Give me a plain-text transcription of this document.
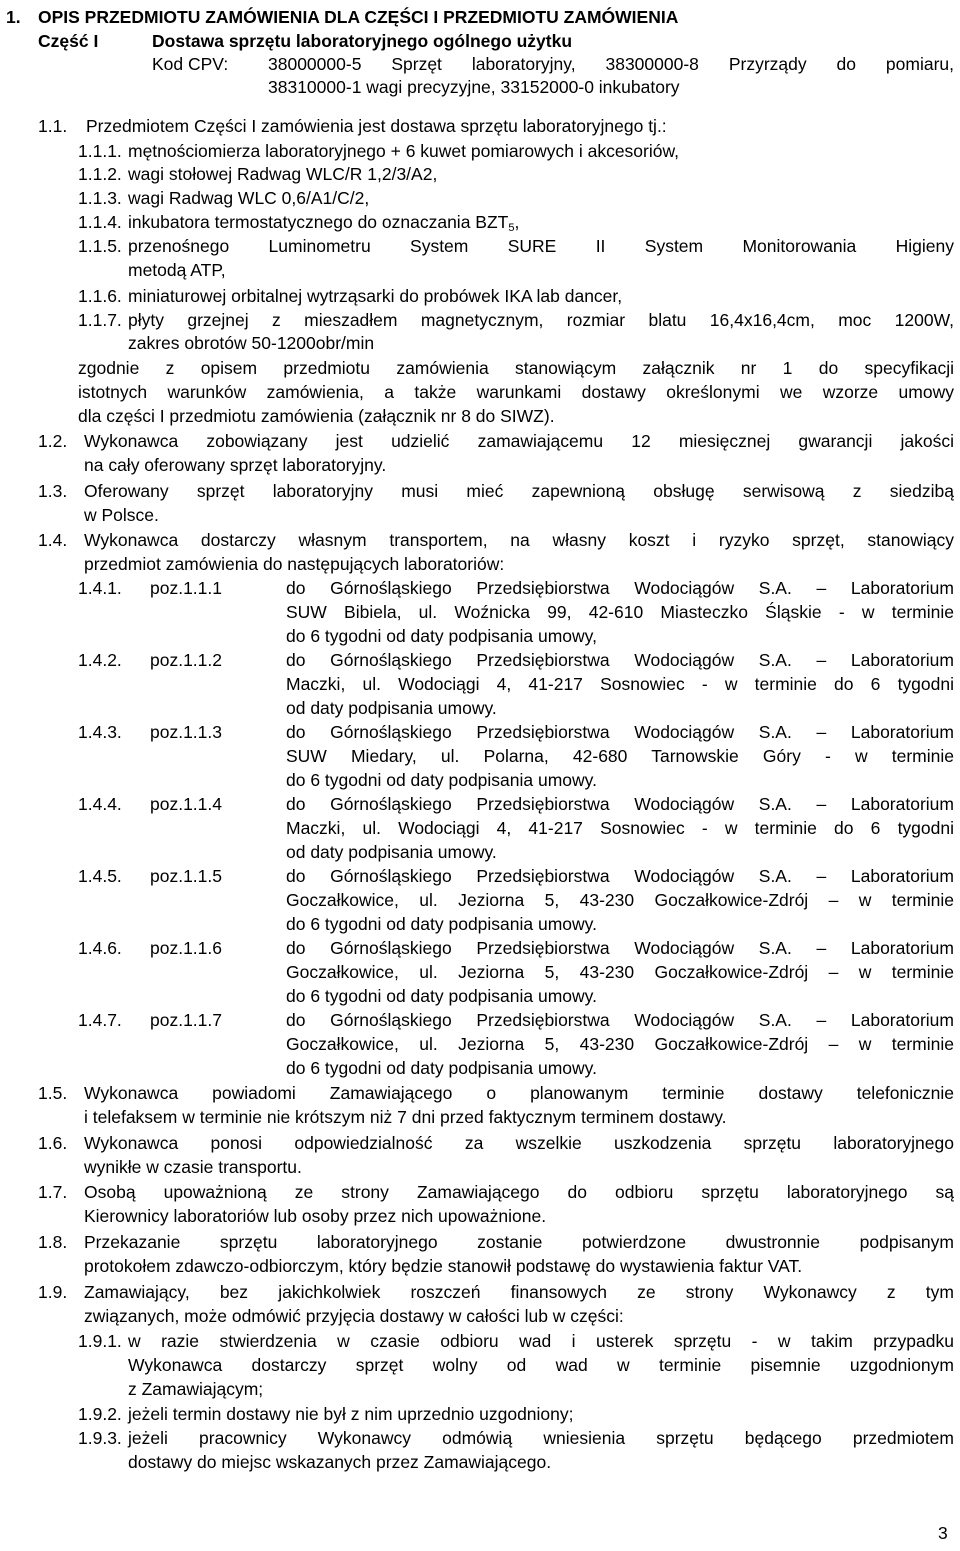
1. OPIS PRZEDMIOTU ZAMÓWIENIA DLA CZĘŚCI I PRZEDMIOTU ZAMÓWIENIA
Część I	Dostawa sprzętu laboratoryjnego ogólnego użytku
Kod CPV: 38000000-5 Sprzęt laboratoryjny, 38300000-8 Przyrządy do pomiaru,
38310000-1 wagi precyzyjne, 33152000-0 inkubatory
1.1. Przedmiotem Części I zamówienia jest dostawa sprzętu laboratoryjnego tj.:
1.1.1. mętnościomierza laboratoryjnego + 6 kuwet pomiarowych i akcesoriów,
1.1.2. wagi stołowej Radwag WLC/R 1,2/3/A2,
1.1.3. wagi Radwag WLC 0,6/A1/C/2,
1.1.4. inkubatora termostatycznego do oznaczania $BZT_5$,
1.1.5. przenośnego Luminometru System SURE II System Monitorowania Higieny
metodą ATP,
1.1.6. miniaturowej orbitalnej wytrząsarki do probówek IKA lab dancer,
1.1.7. płyty grzejnej z mieszadłem magnetycznym, rozmiar blatu 16,4x16,4cm, moc 1200W,
zakres obrotów 50-1200obr/min
zgodnie z opisem przedmiotu zamówienia stanowiącym załącznik nr 1 do specyfikacji
istotnych warunków zamówienia, a także warunkami dostawy określonymi we wzorze umowy
dla części I przedmiotu zamówienia (załącznik nr 8 do SIWZ).
1.2. Wykonawca zobowiązany jest udzielić zamawiającemu 12 miesięcznej gwarancji jakości
na cały oferowany sprzęt laboratoryjny.
1.3. Oferowany sprzęt laboratoryjny musi mieć zapewnioną obsługę serwisową z siedzibą
w Polsce.
1.4. Wykonawca dostarczy własnym transportem, na własny koszt i ryzyko sprzęt, stanowiący
przedmiot zamówienia do następujących laboratoriów:
1.4.1. poz.1.1.1	do Górnośląskiego Przedsiębiorstwa Wodociągów S.A. – Laboratorium
SUW Bibiela, ul. Woźnicka 99, 42-610 Miasteczko Śląskie - w terminie
do 6 tygodni od daty podpisania umowy,
1.4.2. poz.1.1.2	do Górnośląskiego Przedsiębiorstwa Wodociągów S.A. – Laboratorium
Maczki, ul. Wodociągi 4, 41-217 Sosnowiec - w terminie do 6 tygodni
od daty podpisania umowy.
1.4.3. poz.1.1.3	do Górnośląskiego Przedsiębiorstwa Wodociągów S.A. – Laboratorium
SUW Miedary, ul. Polarna, 42-680 Tarnowskie Góry - w terminie
do 6 tygodni od daty podpisania umowy.
1.4.4. poz.1.1.4	do Górnośląskiego Przedsiębiorstwa Wodociągów S.A. – Laboratorium
Maczki, ul. Wodociągi 4, 41-217 Sosnowiec - w terminie do 6 tygodni
od daty podpisania umowy.
1.4.5. poz.1.1.5	do Górnośląskiego Przedsiębiorstwa Wodociągów S.A. – Laboratorium
Goczałkowice, ul. Jeziorna 5, 43-230 Goczałkowice-Zdrój – w terminie
do 6 tygodni od daty podpisania umowy.
1.4.6. poz.1.1.6	do Górnośląskiego Przedsiębiorstwa Wodociągów S.A. – Laboratorium
Goczałkowice, ul. Jeziorna 5, 43-230 Goczałkowice-Zdrój – w terminie
do 6 tygodni od daty podpisania umowy.
1.4.7. poz.1.1.7	do Górnośląskiego Przedsiębiorstwa Wodociągów S.A. – Laboratorium
Goczałkowice, ul. Jeziorna 5, 43-230 Goczałkowice-Zdrój – w terminie
do 6 tygodni od daty podpisania umowy.
1.5. Wykonawca powiadomi Zamawiającego o planowanym terminie dostawy telefonicznie
i telefaksem w terminie nie krótszym niż 7 dni przed faktycznym terminem dostawy.
1.6. Wykonawca ponosi odpowiedzialność za wszelkie uszkodzenia sprzętu laboratoryjnego
wynikłe w czasie transportu.
1.7. Osobą upoważnioną ze strony Zamawiającego do odbioru sprzętu laboratoryjnego są
Kierownicy laboratoriów lub osoby przez nich upoważnione.
1.8. Przekazanie sprzętu laboratoryjnego zostanie potwierdzone dwustronnie podpisanym
protokołem zdawczo-odbiorczym, który będzie stanowił podstawę do wystawienia faktur VAT.
1.9. Zamawiający, bez jakichkolwiek roszczeń finansowych ze strony Wykonawcy z tym
związanych, może odmówić przyjęcia dostawy w całości lub w części:
1.9.1. w razie stwierdzenia w czasie odbioru wad i usterek sprzętu - w takim przypadku
Wykonawca dostarczy sprzęt wolny od wad w terminie pisemnie uzgodnionym
z Zamawiającym;
1.9.2. jeżeli termin dostawy nie był z nim uprzednio uzgodniony;
1.9.3. jeżeli pracownicy Wykonawcy odmówią wniesienia sprzętu będącego przedmiotem
dostawy do miejsc wskazanych przez Zamawiającego.
3
